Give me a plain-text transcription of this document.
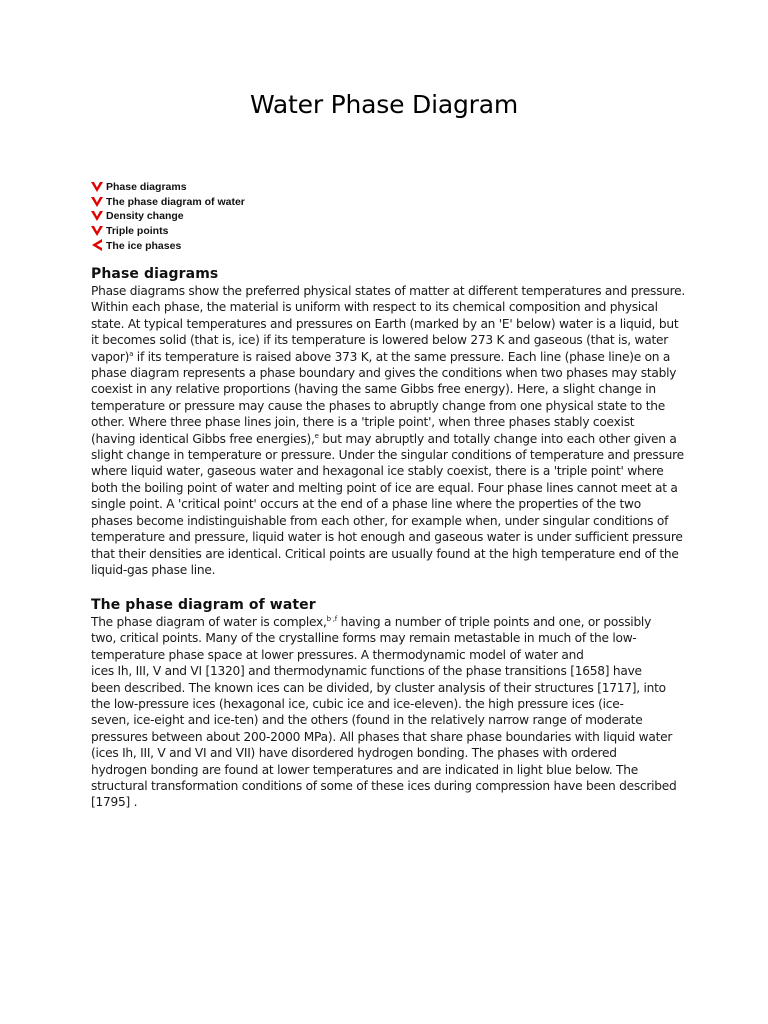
Water Phase Diagram
Phase diagrams
The phase diagram of water
Density change
Triple points
The ice phases
Phase diagrams
Phase diagrams show the preferred physical states of matter at different temperatures and pressure.
Within each phase, the material is uniform with respect to its chemical composition and physical
state. At typical temperatures and pressures on Earth (marked by an 'E' below) water is a liquid, but
it becomes solid (that is, ice) if its temperature is lowered below 273 K and gaseous (that is, water
vapor)$^a$ if its temperature is raised above 373 K, at the same pressure. Each line (phase line)e on a
phase diagram represents a phase boundary and gives the conditions when two phases may stably
coexist in any relative proportions (having the same Gibbs free energy). Here, a slight change in
temperature or pressure may cause the phases to abruptly change from one physical state to the
other. Where three phase lines join, there is a 'triple point', when three phases stably coexist
(having identical Gibbs free energies),$^e$ but may abruptly and totally change into each other given a
slight change in temperature or pressure. Under the singular conditions of temperature and pressure
where liquid water, gaseous water and hexagonal ice stably coexist, there is a 'triple point' where
both the boiling point of water and melting point of ice are equal. Four phase lines cannot meet at a
single point. A 'critical point' occurs at the end of a phase line where the properties of the two
phases become indistinguishable from each other, for example when, under singular conditions of
temperature and pressure, liquid water is hot enough and gaseous water is under sufficient pressure
that their densities are identical. Critical points are usually found at the high temperature end of the
liquid-gas phase line.
The phase diagram of water
The phase diagram of water is complex,$^{b ,f}$ having a number of triple points and one, or possibly
two, critical points. Many of the crystalline forms may remain metastable in much of the low-
temperature phase space at lower pressures. A thermodynamic model of water and
ices Ih, III, V and VI [1320] and thermodynamic functions of the phase transitions [1658] have
been described. The known ices can be divided, by cluster analysis of their structures [1717], into
the low-pressure ices (hexagonal ice, cubic ice and ice-eleven). the high pressure ices (ice-
seven, ice-eight and ice-ten) and the others (found in the relatively narrow range of moderate
pressures between about 200-2000 MPa). All phases that share phase boundaries with liquid water
(ices Ih, III, V and VI and VII) have disordered hydrogen bonding. The phases with ordered
hydrogen bonding are found at lower temperatures and are indicated in light blue below. The
structural transformation conditions of some of these ices during compression have been described
[1795] .
